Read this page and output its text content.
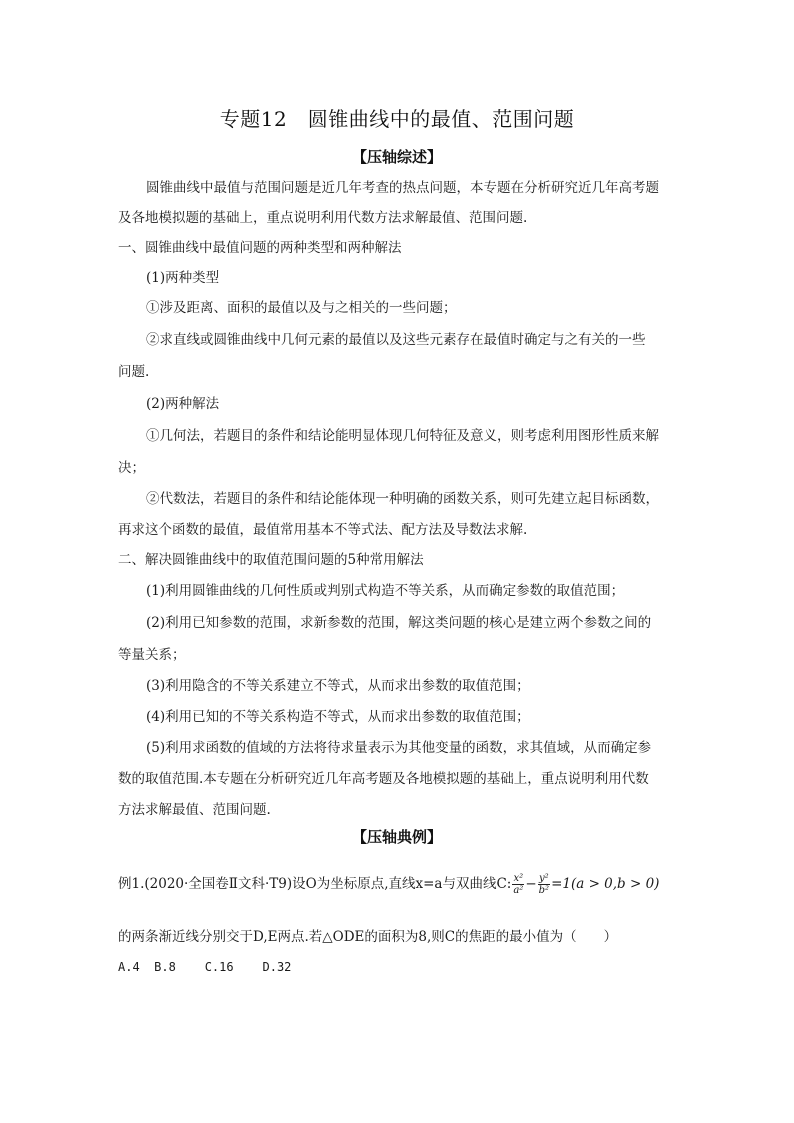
专题12　圆锥曲线中的最值、范围问题
【压轴综述】
圆锥曲线中最值与范围问题是近几年考查的热点问题，本专题在分析研究近几年高考题
及各地模拟题的基础上，重点说明利用代数方法求解最值、范围问题.
一、圆锥曲线中最值问题的两种类型和两种解法
(1)两种类型
①涉及距离、面积的最值以及与之相关的一些问题；
②求直线或圆锥曲线中几何元素的最值以及这些元素存在最值时确定与之有关的一些
问题.
(2)两种解法
①几何法，若题目的条件和结论能明显体现几何特征及意义，则考虑利用图形性质来解
决；
②代数法，若题目的条件和结论能体现一种明确的函数关系，则可先建立起目标函数，
再求这个函数的最值，最值常用基本不等式法、配方法及导数法求解.
二、解决圆锥曲线中的取值范围问题的5种常用解法
(1)利用圆锥曲线的几何性质或判别式构造不等关系，从而确定参数的取值范围；
(2)利用已知参数的范围，求新参数的范围，解这类问题的核心是建立两个参数之间的
等量关系；
(3)利用隐含的不等关系建立不等式，从而求出参数的取值范围；
(4)利用已知的不等关系构造不等式，从而求出参数的取值范围；
(5)利用求函数的值域的方法将待求量表示为其他变量的函数，求其值域，从而确定参
数的取值范围.本专题在分析研究近几年高考题及各地模拟题的基础上，重点说明利用代数
方法求解最值、范围问题.
【压轴典例】
例1.(2020·全国卷Ⅱ文科·T9)设O为坐标原点,直线x=a与双曲线C: $\frac{\text{x²}}{\text{a²}} - \frac{\text{y²}}{\text{b²}} =1(a > 0,b > 0)$
的两条渐近线分别交于D,E两点.若△ODE的面积为8,则C的焦距的最小值为（　　）
A.4  B.8    C.16    D.32
